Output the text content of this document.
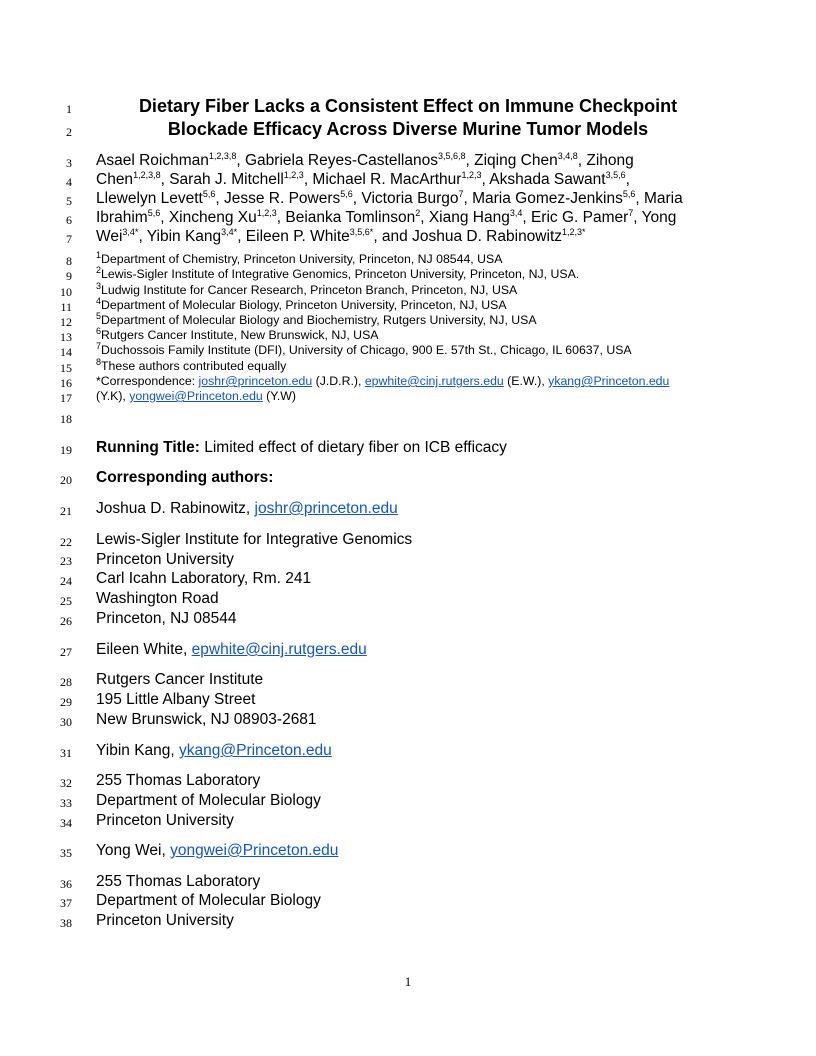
1
2
3
4
5
6
7
8
9
10
11
12
13
14
15
16
17
18
19
20
21
22
23
24
25
26
27
28
29
30
31
32
33
34
35
36
37
38
Dietary Fiber Lacks a Consistent Effect on Immune Checkpoint
Blockade Efficacy Across Diverse Murine Tumor Models
Asael Roichman$^{1,2,3,8}$, Gabriela Reyes-Castellanos$^{3,5,6,8}$, Ziqing Chen$^{3,4,8}$, Zihong
Chen$^{1,2,3,8}$, Sarah J. Mitchell$^{1,2,3}$, Michael R. MacArthur$^{1,2,3}$, Akshada Sawant$^{3,5,6}$,
Llewelyn Levett$^{5,6}$, Jesse R. Powers$^{5,6}$, Victoria Burgo$^7$, Maria Gomez-Jenkins$^{5,6}$, Maria
Ibrahim$^{5,6}$, Xincheng Xu$^{1,2,3}$, Beianka Tomlinson$^2$, Xiang Hang$^{3,4}$, Eric G. Pamer$^7$, Yong
Wei$^{3,4*}$, Yibin Kang$^{3,4*}$, Eileen P. White$^{3,5,6*}$, and Joshua D. Rabinowitz$^{1,2,3*}$
$^1$Department of Chemistry, Princeton University, Princeton, NJ 08544, USA
$^2$Lewis-Sigler Institute of Integrative Genomics, Princeton University, Princeton, NJ, USA.
$^3$Ludwig Institute for Cancer Research, Princeton Branch, Princeton, NJ, USA
$^4$Department of Molecular Biology, Princeton University, Princeton, NJ, USA
$^5$Department of Molecular Biology and Biochemistry, Rutgers University, NJ, USA
$^6$Rutgers Cancer Institute, New Brunswick, NJ, USA
$^7$Duchossois Family Institute (DFI), University of Chicago, 900 E. 57th St., Chicago, IL 60637, USA
$^8$These authors contributed equally
*Correspondence: joshr@princeton.edu (J.D.R.), epwhite@cinj.rutgers.edu (E.W.), ykang@Princeton.edu
(Y.K), yongwei@Princeton.edu (Y.W)
Running Title: Limited effect of dietary fiber on ICB efficacy
Corresponding authors:
Joshua D. Rabinowitz, joshr@princeton.edu
Lewis-Sigler Institute for Integrative Genomics
Princeton University
Carl Icahn Laboratory, Rm. 241
Washington Road
Princeton, NJ 08544
Eileen White, epwhite@cinj.rutgers.edu
Rutgers Cancer Institute
195 Little Albany Street
New Brunswick, NJ 08903-2681
Yibin Kang, ykang@Princeton.edu
255 Thomas Laboratory
Department of Molecular Biology
Princeton University
Yong Wei, yongwei@Princeton.edu
255 Thomas Laboratory
Department of Molecular Biology
Princeton University
1
